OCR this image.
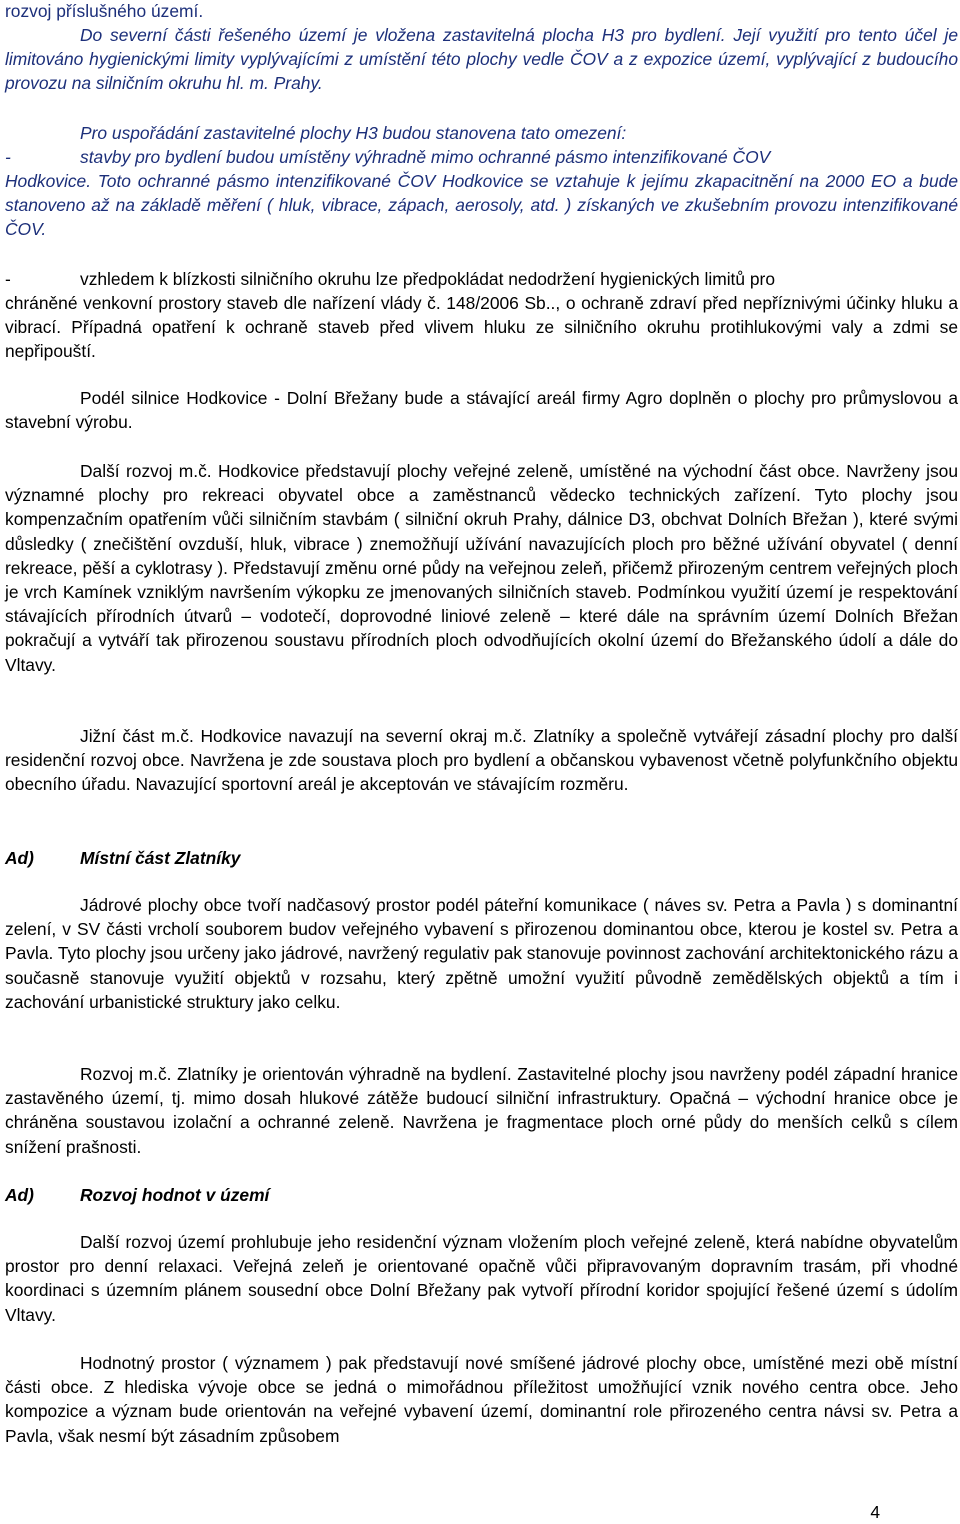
rozvoj příslušného území.

Do severní části řešeného území je vložena zastavitelná plocha H3 pro bydlení. Její využití pro tento účel je limitováno hygienickými limity vyplývajícími z umístění této plochy vedle ČOV a z expozice území, vyplývající z budoucího provozu na silničním okruhu hl. m. Prahy.

Pro uspořádání zastavitelné plochy H3 budou stanovena tato omezení:

-	stavby pro bydlení budou umístěny výhradně mimo ochranné pásmo intenzifikované ČOV

Hodkovice. Toto ochranné pásmo intenzifikované ČOV Hodkovice se vztahuje k jejímu zkapacitnění na 2000 EO a bude stanoveno až na základě měření ( hluk, vibrace, zápach, aerosoly, atd. ) získaných ve zkušebním provozu intenzifikované ČOV.

-	vzhledem k blízkosti silničního okruhu lze předpokládat nedodržení hygienických limitů pro

chráněné venkovní prostory staveb dle nařízení vlády č. 148/2006 Sb.., o ochraně zdraví před nepříznivými účinky hluku a vibrací. Případná opatření k ochraně staveb před vlivem hluku ze silničního okruhu protihlukovými valy a zdmi se nepřipouští.

Podél silnice Hodkovice - Dolní Břežany bude a stávající areál firmy Agro doplněn o plochy pro průmyslovou a stavební výrobu.

Další rozvoj m.č. Hodkovice představují plochy veřejné zeleně, umístěné na východní část obce. Navrženy jsou významné plochy pro rekreaci obyvatel obce a zaměstnanců vědecko technických zařízení. Tyto plochy jsou kompenzačním opatřením vůči silničním stavbám ( silniční okruh Prahy, dálnice D3, obchvat Dolních Břežan ), které svými důsledky ( znečištění ovzduší, hluk, vibrace ) znemožňují užívání navazujících ploch pro běžné užívání obyvatel ( denní rekreace, pěší a cyklotrasy ). Představují změnu orné půdy na veřejnou zeleň, přičemž přirozeným centrem veřejných ploch je vrch Kamínek vzniklým navršením výkopku ze jmenovaných silničních staveb. Podmínkou využití území je respektování stávajících přírodních útvarů – vodotečí, doprovodné liniové zeleně – které dále na správním území Dolních Břežan pokračují a vytváří tak přirozenou soustavu přírodních ploch odvodňujících okolní území do Břežanského údolí a dále do Vltavy.

Jižní část m.č. Hodkovice navazují na severní okraj m.č. Zlatníky a společně vytvářejí zásadní plochy pro další residenční rozvoj obce. Navržena je zde soustava ploch pro bydlení a občanskou vybavenost včetně polyfunkčního objektu obecního úřadu. Navazující sportovní areál je akceptován ve stávajícím rozměru.

Ad)	Místní část Zlatníky

Jádrové plochy obce tvoří nadčasový prostor podél páteřní komunikace ( náves sv. Petra a Pavla ) s dominantní zelení, v SV části vrcholí souborem budov veřejného vybavení s přirozenou dominantou obce, kterou je kostel sv. Petra a Pavla. Tyto plochy jsou určeny jako jádrové, navržený regulativ pak stanovuje povinnost zachování architektonického rázu a současně stanovuje využití objektů v rozsahu, který zpětně umožní využití původně zemědělských objektů a tím i zachování urbanistické struktury jako celku.

Rozvoj m.č. Zlatníky je orientován výhradně na bydlení. Zastavitelné plochy jsou navrženy podél západní hranice zastavěného území, tj. mimo dosah hlukové zátěže budoucí silniční infrastruktury. Opačná – východní hranice obce je chráněna soustavou izolační a ochranné zeleně. Navržena je fragmentace ploch orné půdy do menších celků s cílem snížení prašnosti.

Ad)	Rozvoj hodnot v území

Další rozvoj území prohlubuje jeho residenční význam vložením ploch veřejné zeleně, která nabídne obyvatelům prostor pro denní relaxaci. Veřejná zeleň je orientované opačně vůči připravovaným dopravním trasám, při vhodné koordinaci s územním plánem sousední obce Dolní Břežany pak vytvoří přírodní koridor spojující řešené území s údolím Vltavy.

Hodnotný prostor ( významem ) pak představují nové smíšené jádrové plochy obce, umístěné mezi obě místní části obce. Z hlediska vývoje obce se jedná o mimořádnou příležitost umožňující vznik nového centra obce. Jeho kompozice a význam bude orientován na veřejné vybavení území, dominantní role přirozeného centra návsi sv. Petra a Pavla, však nesmí být zásadním způsobem

4
